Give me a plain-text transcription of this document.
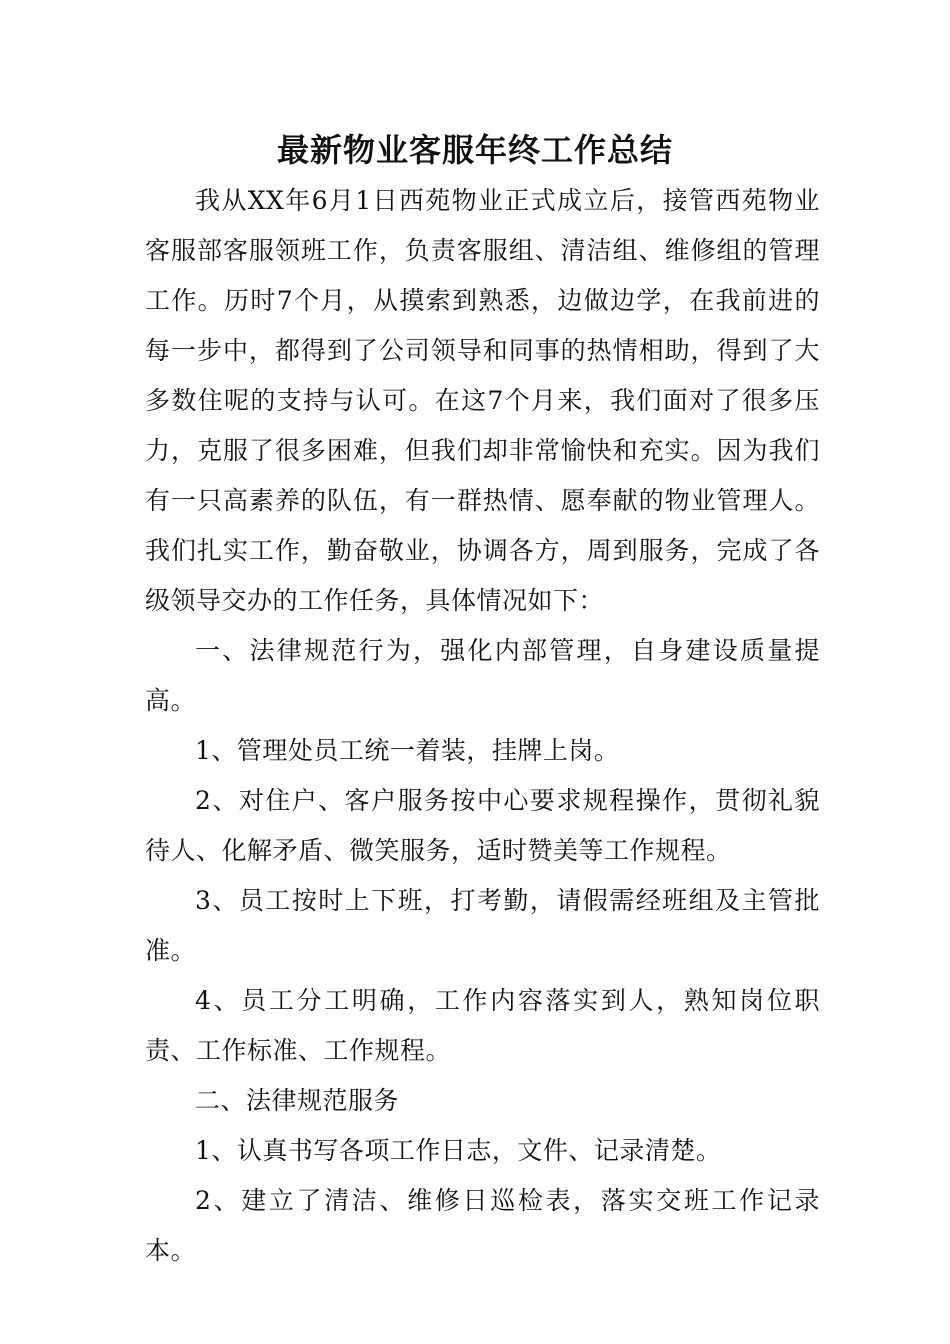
最新物业客服年终工作总结

我从XX年6月1日西苑物业正式成立后，接管西苑物业客服部客服领班工作，负责客服组、清洁组、维修组的管理工作。历时7个月，从摸索到熟悉，边做边学，在我前进的每一步中，都得到了公司领导和同事的热情相助，得到了大多数住呢的支持与认可。在这7个月来，我们面对了很多压力，克服了很多困难，但我们却非常愉快和充实。因为我们有一只高素养的队伍，有一群热情、愿奉献的物业管理人。我们扎实工作，勤奋敬业，协调各方，周到服务，完成了各级领导交办的工作任务，具体情况如下：

一、法律规范行为，强化内部管理，自身建设质量提高。

1、管理处员工统一着装，挂牌上岗。

2、对住户、客户服务按中心要求规程操作，贯彻礼貌待人、化解矛盾、微笑服务，适时赞美等工作规程。

3、员工按时上下班，打考勤，请假需经班组及主管批准。

4、员工分工明确，工作内容落实到人，熟知岗位职责、工作标准、工作规程。

二、法律规范服务

1、认真书写各项工作日志，文件、记录清楚。

2、建立了清洁、维修日巡检表，落实交班工作记录本。
